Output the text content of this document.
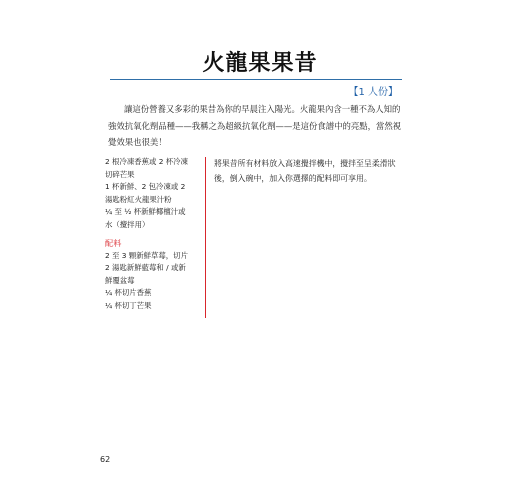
火龍果果昔
【1 人份】

讓這份營養又多彩的果昔為你的早晨注入陽光。火龍果內含一種不為人知的強效抗氧化劑品種——我稱之為超級抗氧化劑——是這份食譜中的亮點，當然視覺效果也很美！

2 根冷凍香蕉或 2 杯冷凍
切碎芒果
1 杯新鮮、2 包冷凍或 2
湯匙粉紅火龍果汁粉
¼ 至 ½ 杯新鮮椰檀汁或
水（攪拌用）
配料
2 至 3 顆新鮮草莓，切片
2 湯匙新鮮藍莓和 / 或新
鮮覆盆莓
¼ 杯切片香蕉
¼ 杯切丁芒果

將果昔所有材料放入高速攪拌機中，攪拌至呈柔滑狀後，倒入碗中，加入你選擇的配料即可享用。

62
